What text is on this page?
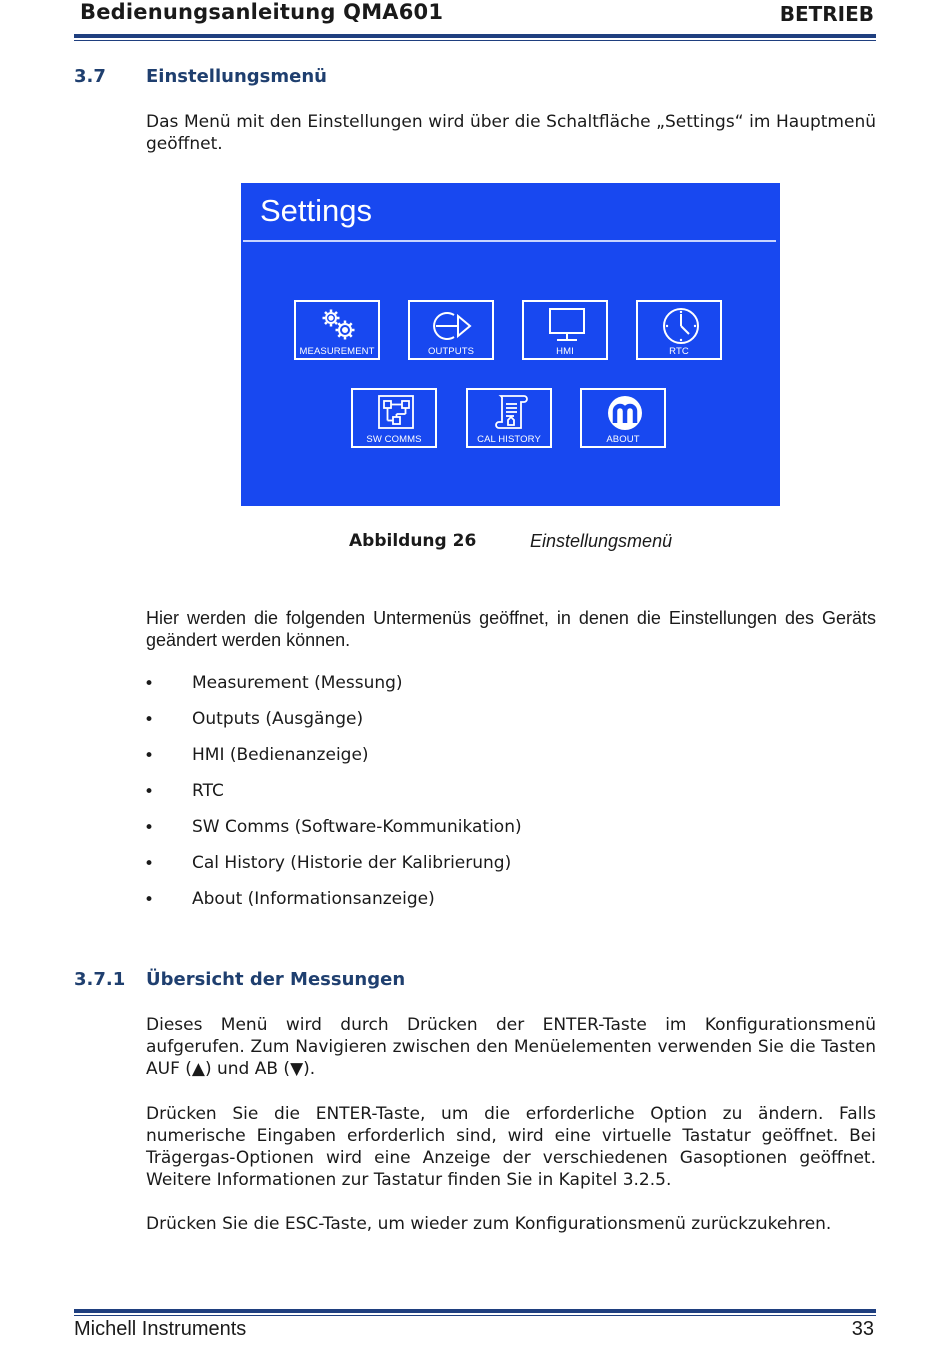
Bedienungsanleitung QMA601	BETRIEB
3.7 Einstellungsmenü
Das Menü mit den Einstellungen wird über die Schaltfläche „Settings“ im Hauptmenü geöffnet.
Settings
MEASUREMENT	OUTPUTS	HMI	RTC
SW COMMS	CAL HISTORY	ABOUT
Abbildung 26	Einstellungsmenü
Hier werden die folgenden Untermenüs geöffnet, in denen die Einstellungen des Geräts geändert werden können.
• Measurement (Messung)
• Outputs (Ausgänge)
• HMI (Bedienanzeige)
• RTC
• SW Comms (Software-Kommunikation)
• Cal History (Historie der Kalibrierung)
• About (Informationsanzeige)
3.7.1 Übersicht der Messungen
Dieses Menü wird durch Drücken der ENTER-Taste im Konfigurationsmenü aufgerufen. Zum Navigieren zwischen den Menüelementen verwenden Sie die Tasten AUF (▲) und AB (▼).
Drücken Sie die ENTER-Taste, um die erforderliche Option zu ändern. Falls numerische Eingaben erforderlich sind, wird eine virtuelle Tastatur geöffnet. Bei Trägergas-Optionen wird eine Anzeige der verschiedenen Gasoptionen geöffnet. Weitere Informationen zur Tastatur finden Sie in Kapitel 3.2.5.
Drücken Sie die ESC-Taste, um wieder zum Konfigurationsmenü zurückzukehren.
Michell Instruments	33
